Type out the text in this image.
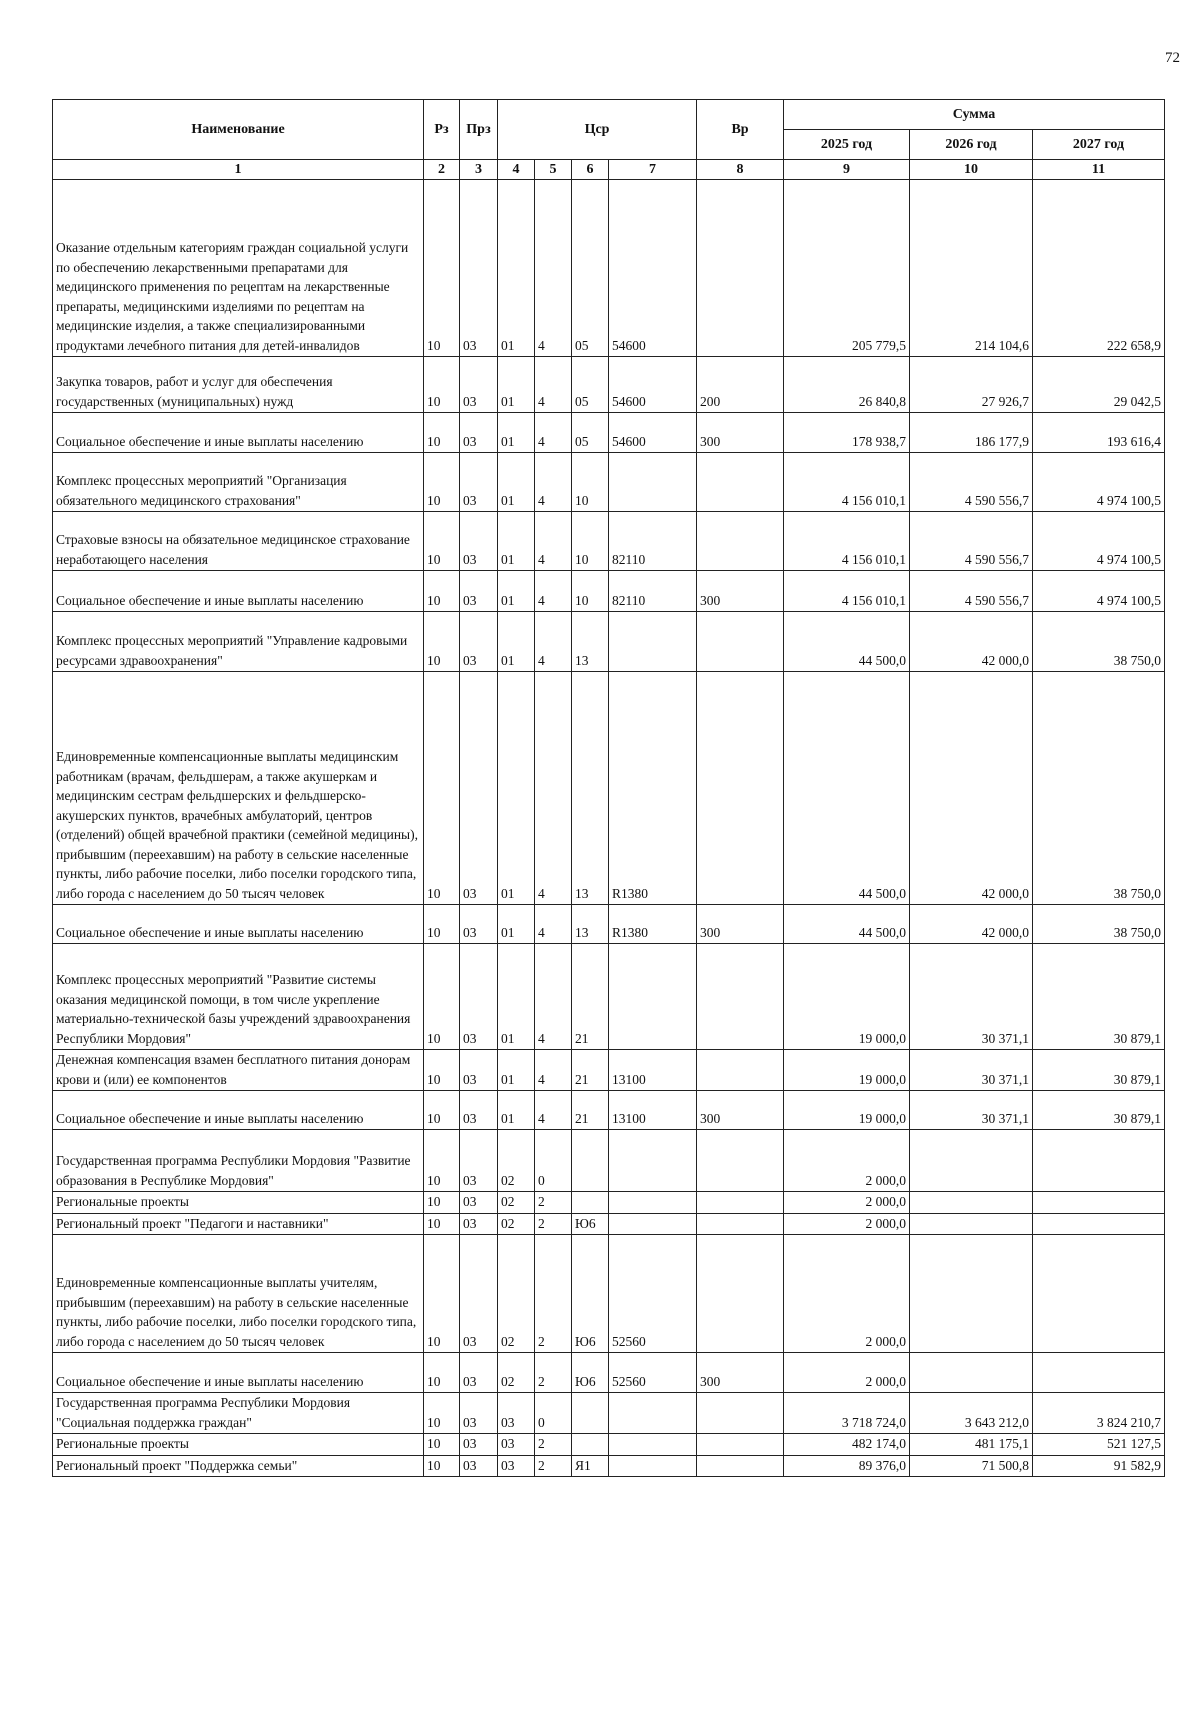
72
Наименование	Рз	Прз	Цср				Вр	Сумма		
								2025 год	2026 год	2027 год
1	2	3	4	5	6	7	8	9	10	11
Оказание отдельным категориям граждан социальной услуги по обеспечению лекарственными препаратами для медицинского применения по рецептам на лекарственные препараты, медицинскими изделиями по рецептам на медицинские изделия, а также специализированными продуктами лечебного питания для детей-инвалидов	10	03	01	4	05	54600		205 779,5	214 104,6	222 658,9
Закупка товаров, работ и услуг для обеспечения государственных (муниципальных) нужд	10	03	01	4	05	54600	200	26 840,8	27 926,7	29 042,5
Социальное обеспечение и иные выплаты населению	10	03	01	4	05	54600	300	178 938,7	186 177,9	193 616,4
Комплекс процессных мероприятий "Организация обязательного медицинского страхования"	10	03	01	4	10			4 156 010,1	4 590 556,7	4 974 100,5
Страховые взносы на обязательное медицинское страхование неработающего населения	10	03	01	4	10	82110		4 156 010,1	4 590 556,7	4 974 100,5
Социальное обеспечение и иные выплаты населению	10	03	01	4	10	82110	300	4 156 010,1	4 590 556,7	4 974 100,5
Комплекс процессных мероприятий "Управление кадровыми ресурсами здравоохранения"	10	03	01	4	13			44 500,0	42 000,0	38 750,0
Единовременные компенсационные выплаты медицинским работникам (врачам, фельдшерам, а также акушеркам и медицинским сестрам фельдшерских и фельдшерско-акушерских пунктов, врачебных амбулаторий, центров (отделений) общей врачебной практики (семейной медицины), прибывшим (переехавшим) на работу в сельские населенные пункты, либо рабочие поселки, либо поселки городского типа, либо города с населением до 50 тысяч человек	10	03	01	4	13	R1380		44 500,0	42 000,0	38 750,0
Социальное обеспечение и иные выплаты населению	10	03	01	4	13	R1380	300	44 500,0	42 000,0	38 750,0
Комплекс процессных мероприятий "Развитие системы оказания медицинской помощи, в том числе укрепление материально-технической базы учреждений здравоохранения Республики Мордовия"	10	03	01	4	21			19 000,0	30 371,1	30 879,1
Денежная компенсация взамен бесплатного питания донорам крови и (или) ее компонентов	10	03	01	4	21	13100		19 000,0	30 371,1	30 879,1
Социальное обеспечение и иные выплаты населению	10	03	01	4	21	13100	300	19 000,0	30 371,1	30 879,1
Государственная программа Республики Мордовия "Развитие образования в Республике Мордовия"	10	03	02	0				2 000,0		
Региональные проекты	10	03	02	2				2 000,0		
Региональный проект "Педагоги и наставники"	10	03	02	2	Ю6			2 000,0		
Единовременные компенсационные выплаты учителям, прибывшим (переехавшим) на работу в сельские населенные пункты, либо рабочие поселки, либо поселки городского типа, либо города с населением до 50 тысяч человек	10	03	02	2	Ю6	52560		2 000,0		
Социальное обеспечение и иные выплаты населению	10	03	02	2	Ю6	52560	300	2 000,0		
Государственная программа Республики Мордовия "Социальная поддержка граждан"	10	03	03	0				3 718 724,0	3 643 212,0	3 824 210,7
Региональные проекты	10	03	03	2				482 174,0	481 175,1	521 127,5
Региональный проект "Поддержка семьи"	10	03	03	2	Я1			89 376,0	71 500,8	91 582,9
